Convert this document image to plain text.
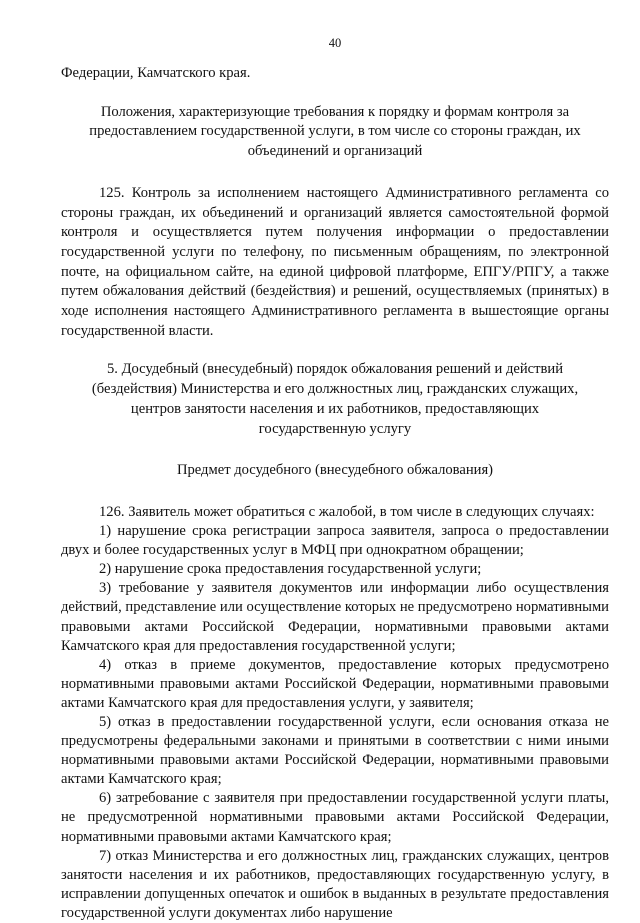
40

Федерации, Камчатского края.

Положения, характеризующие требования к порядку и формам контроля за предоставлением государственной услуги, в том числе со стороны граждан, их объединений и организаций

125. Контроль за исполнением настоящего Административного регламента со стороны граждан, их объединений и организаций является самостоятельной формой контроля и осуществляется путем получения информации о предоставлении государственной услуги по телефону, по письменным обращениям, по электронной почте, на официальном сайте, на единой цифровой платформе, ЕПГУ/РПГУ, а также путем обжалования действий (бездействия) и решений, осуществляемых (принятых) в ходе исполнения настоящего Административного регламента в вышестоящие органы государственной власти.

5. Досудебный (внесудебный) порядок обжалования решений и действий (бездействия) Министерства и его должностных лиц, гражданских служащих, центров занятости населения и их работников, предоставляющих государственную услугу

Предмет досудебного (внесудебного обжалования)

126. Заявитель может обратиться с жалобой, в том числе в следующих случаях:

1) нарушение срока регистрации запроса заявителя, запроса о предоставлении двух и более государственных услуг в МФЦ при однократном обращении;

2) нарушение срока предоставления государственной услуги;

3) требование у заявителя документов или информации либо осуществления действий, представление или осуществление которых не предусмотрено нормативными правовыми актами Российской Федерации, нормативными правовыми актами Камчатского края для предоставления государственной услуги;

4) отказ в приеме документов, предоставление которых предусмотрено нормативными правовыми актами Российской Федерации, нормативными правовыми актами Камчатского края для предоставления услуги, у заявителя;

5) отказ в предоставлении государственной услуги, если основания отказа не предусмотрены федеральными законами и принятыми в соответствии с ними иными нормативными правовыми актами Российской Федерации, нормативными правовыми актами Камчатского края;

6) затребование с заявителя при предоставлении государственной услуги платы, не предусмотренной нормативными правовыми актами Российской Федерации, нормативными правовыми актами Камчатского края;

7) отказ Министерства и его должностных лиц, гражданских служащих, центров занятости населения и их работников, предоставляющих государственную услугу, в исправлении допущенных опечаток и ошибок в выданных в результате предоставления государственной услуги документах либо нарушение
